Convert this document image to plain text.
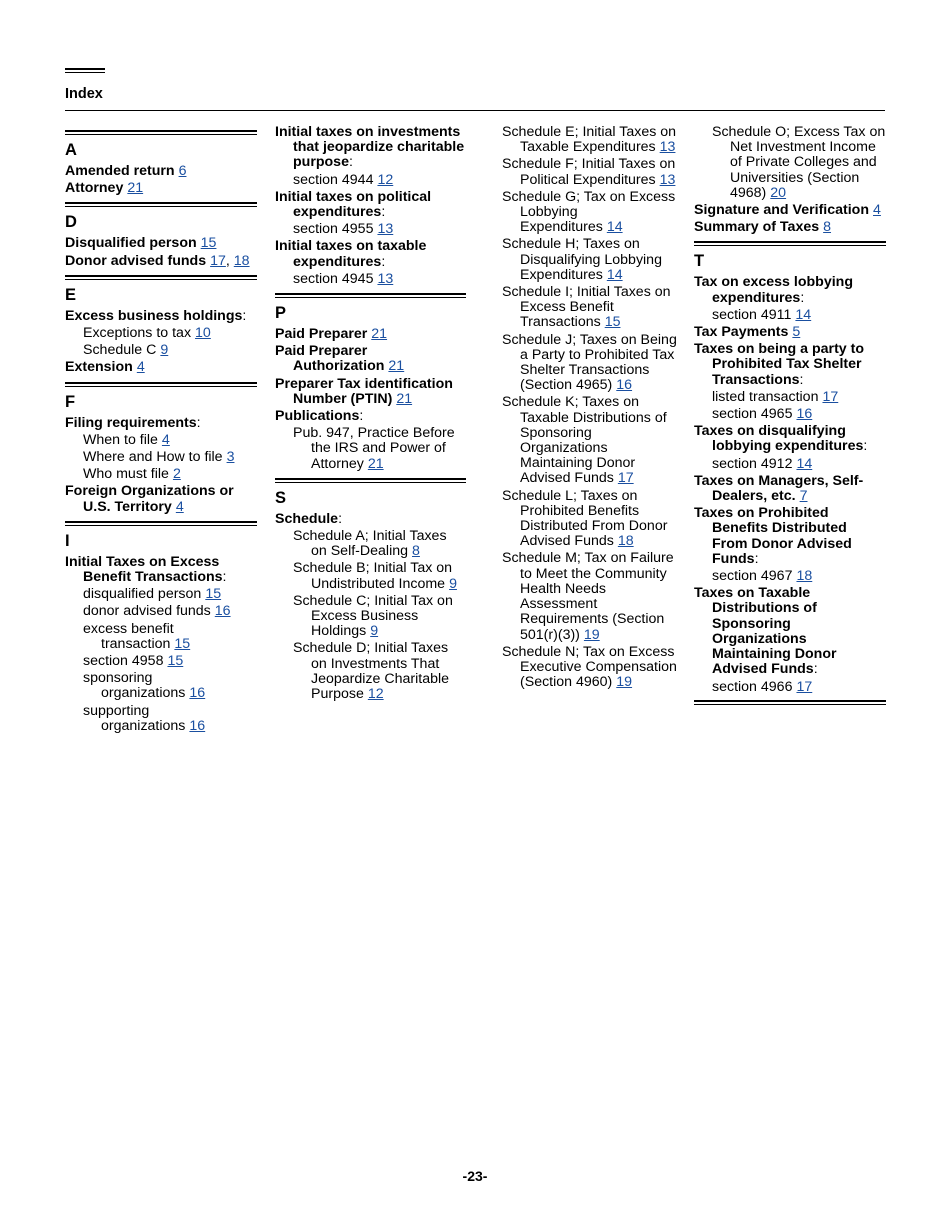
Index
A
Amended return 6
Attorney 21
D
Disqualified person 15
Donor advised funds 17, 18
E
Excess business holdings:
Exceptions to tax 10
Schedule C 9
Extension 4
F
Filing requirements:
When to file 4
Where and How to file 3
Who must file 2
Foreign Organizations or U.S. Territory 4
I
Initial Taxes on Excess Benefit Transactions:
disqualified person 15
donor advised funds 16
excess benefit transaction 15
section 4958 15
sponsoring organizations 16
supporting organizations 16
Initial taxes on investments that jeopardize charitable purpose:
section 4944 12
Initial taxes on political expenditures:
section 4955 13
Initial taxes on taxable expenditures:
section 4945 13
P
Paid Preparer 21
Paid Preparer Authorization 21
Preparer Tax identification Number (PTIN) 21
Publications:
Pub. 947, Practice Before the IRS and Power of Attorney 21
S
Schedule:
Schedule A; Initial Taxes on Self-Dealing 8
Schedule B; Initial Tax on Undistributed Income 9
Schedule C; Initial Tax on Excess Business Holdings 9
Schedule D; Initial Taxes on Investments That Jeopardize Charitable Purpose 12
Schedule E; Initial Taxes on Taxable Expenditures 13
Schedule F; Initial Taxes on Political Expenditures 13
Schedule G; Tax on Excess Lobbying Expenditures 14
Schedule H; Taxes on Disqualifying Lobbying Expenditures 14
Schedule I; Initial Taxes on Excess Benefit Transactions 15
Schedule J; Taxes on Being a Party to Prohibited Tax Shelter Transactions (Section 4965) 16
Schedule K; Taxes on Taxable Distributions of Sponsoring Organizations Maintaining Donor Advised Funds 17
Schedule L; Taxes on Prohibited Benefits Distributed From Donor Advised Funds 18
Schedule M; Tax on Failure to Meet the Community Health Needs Assessment Requirements (Section 501(r)(3)) 19
Schedule N; Tax on Excess Executive Compensation (Section 4960) 19
Schedule O; Excess Tax on Net Investment Income of Private Colleges and Universities (Section 4968) 20
Signature and Verification 4
Summary of Taxes 8
T
Tax on excess lobbying expenditures:
section 4911 14
Tax Payments 5
Taxes on being a party to Prohibited Tax Shelter Transactions:
listed transaction 17
section 4965 16
Taxes on disqualifying lobbying expenditures:
section 4912 14
Taxes on Managers, Self-Dealers, etc. 7
Taxes on Prohibited Benefits Distributed From Donor Advised Funds:
section 4967 18
Taxes on Taxable Distributions of Sponsoring Organizations Maintaining Donor Advised Funds:
section 4966 17
-23-
